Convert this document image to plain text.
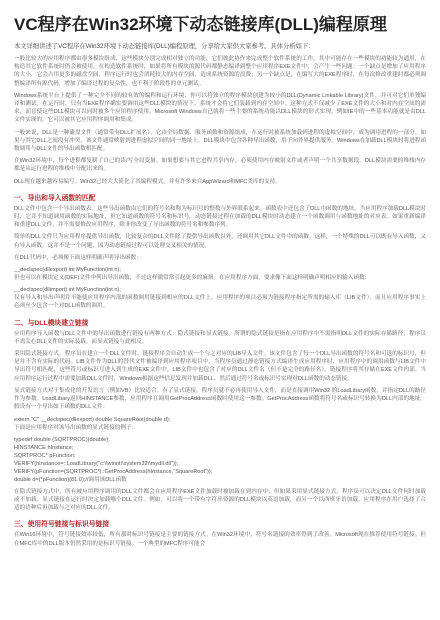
VC程序在Win32环境下动态链接库(DLL)编程原理

本文详细讲述了VC程序在Win32环境下动态链接库(DLL)编程原理，分享给大家供大家参考。具体分析如下：

一般比较大的应用程序都由很多模块组成，这些模块分别完成相对独立的功能，它们彼此协作来完成整个软件系统的工作。其中可能存在一些模块的功能较为通用，在构造其它软件系统时仍会被使用。在构造软件系统时，如果将所有模块的源代码都静态编译到整个应用程序EXE文件中，会产生一些问题：一个缺点是增加了应用程序的大小，它会占用更多的磁盘空间，程序运行时也会消耗较大的内存空间，造成系统资源的浪费；另一个缺点是，在编写大的EXE程序时，在每次修改重建时都必须调整编译所有源代码，增加了编译过程的复杂性，也不利于阶段性的单元测试。

Windows系统平台上提供了一种完全不同的较有效的编程和运行环境，你可以将独立的程序模块创建为较小的DLL(Dynamic Linkable Library)文件，并可对它们单独编译和测试。在运行时，只有当EXE程序确实要调用这些DLL模块的情况下，系统才会将它们装载到内存空间中。这种方式不仅减少了EXE文件的大小和对内存空间的需求，而且使这些DLL模块可以同时被多个应用程序使用。Microsoft Windows自己就将一些主要的系统功能以DLL模块的形式实现。例如IE中的一些基本功能就是由DLL文件实现的，它可以被其它应用程序调用和集成。

一般来说，DLL是一种磁盘文件（通常带有DLL扩展名），它由全局数据、服务函数和资源组成，在运行时被系统加载到进程的虚拟空间中，成为调用进程的一部分。如果与其它DLL之间没有冲突，该文件通常映射到进程虚拟空间的同一地址上。DLL模块中包含各种导出函数，用于向外界提供服务。Windows在加载DLL模块时将进程函数调用与DLL文件的导出函数相匹配。

在Win32环境中，每个进程都复制了自己的读/写全局变量。如果想要与其它进程共享内存，必须使用内存映射文件或者声明一个共享数据段。DLL模块需要的堆栈内存都是从运行进程的堆栈中分配出来的。

DLL现在越来越容易编写。Win32已经大大简化了其编程模式，并有许多来自AppWizard和MFC类库的支持。

一、导出和导入函数的匹配

DLL文件中包含一个导出函数表。这些导出函数由它们的符号名和称为标识号的整数与外界联系起来。函数表中还包含了DLL中函数的地址。当应用程序加载DLL模块时时，它并不知道调用函数的实际地址，但它知道函数的符号名和标识号。动态链接过程在加载的DLL模块时动态建立一个函数调用与函数地址的对应表。如果重新编译和重建DLL文件，并不需要修改应用程序，除非你改变了导出函数的符号名和参数序列。

简单的DLL文件只为应用程序提供导出函数，比较复杂的DLL文件除了提供导出函数以外，还调用其它DLL文件中的函数。这样，一个特殊的DLL可以既有导入函数，又有导入函数。这并不是一个问题，因为动态链接过程可以处理交叉相关的情况。

在DLL代码中，必须像下面这样明确声明导出函数：

__declspec(dllexport) int MyFunction(int n);

但也可以在模块定义(DEF)文件中列出导出函数，不过这样做常常引起更多的麻烦。在应用程序方面，要求像下面这样明确声明相应的输入函数：

__declspec(dllimport) int MyFunction(int n);

仅有导入和导出声明并不能使应用程序内部的函数调用链接到相应的DLL文件上。应用程序的项目必须为链接程序指定所需的输入库（LIB文件）。而且应用程序事实上必须至少包含一个对DLL函数的调用。

二、与DLL模块建立链接

应用程序导入函数与DLL文件中的导出函数进行链接有两种方式：隐式链接和显式链接。所谓的隐式链接是指在应用程序中不需指明DLL文件的实际存储路径，程序员不需关心DLL文件的实际装载。而显式链接与此相反。

采用隐式链接方式，程序员在建立一个DLL文件时，链接程序会自动生成一个与之对应的LIB导入文件。该文件包含了每一个DLL导出函数的符号名和可选的标识号，但是并不含有实际的代码。LIB文件作为DLL的替代文件被编译到应用程序项目中。当程序员通过静态链接方式编译生成应用程序时，应用程序中的调用函数与LIB文件中导出符号相匹配，这些符号或标识号进入到生成的EXE文件中。LIB文件中也包含了对应的DLL文件名（但不是完全的路径名），链接程序将其存储在EXE文件内部。当应用程序运行过程中需要加载DLL文件时，Windows根据这些信息发现并加载DLL，然后通过符号名或标识号实现对DLL函数的动态链接。

显式链接方式对于集成化的开发语言（例如VB）比较适合。有了显式链接，程序员就不必再使用导入文件，而是直接调用Win32 的LoadLibary函数，并指定DLL的路径作为参数。LoadLibary返回HINSTANCE参数，应用程序在调用GetProcAddress函数时使用这一参数。GetProcAddress函数将符号名或标识号转换为DLL内部的地址。假设有一个导出如下函数的DLL文件：

extern "C" __declspec(dllexport) double SquareRoot(double d);

下面是应用程序对该导出函数的显式链接的例子：

typedef double (SQRTPROC)(double);

HINSTANCE hInstance;

SQRTPROC* pFunction;

VERIFY(hInstance=::LoadLibrary("c:\\winnt\\system32\\mydll.dll"));

VERIFY(pFunction=(SQRTPROC*)::GetProcAddress(hInstance,"SquareRoot"));

double d=(*pFunction)(81.0);//调用该DLL函数

在隐式链接方式中，所有被应用程序调用的DLL文件都会在应用程序EXE文件加载时被加载在到内存中；但如果采用显式链接方式，程序员可以决定DLL文件何时加载或不加载。显式链接在运行时决定加载哪个DLL文件。例如，可以将一个带有字符串资源的DLL模块以英语加载，而另一个以西班牙语加载。应用程序在用户选择了合适的语种后再加载与之对应的DLL文件。

三、使用符号链接与标识号链接

在Win16环境中，符号链接效率较低，所有那时标识号链接是主要的链接方式。在Win32环境中，符号名链接的效率得到了改善。Microsoft现在推荐使用符号链接。但在MFC库中的DLL版本仍然采用的是标识号链接。一个典型的MFC程序可能会
